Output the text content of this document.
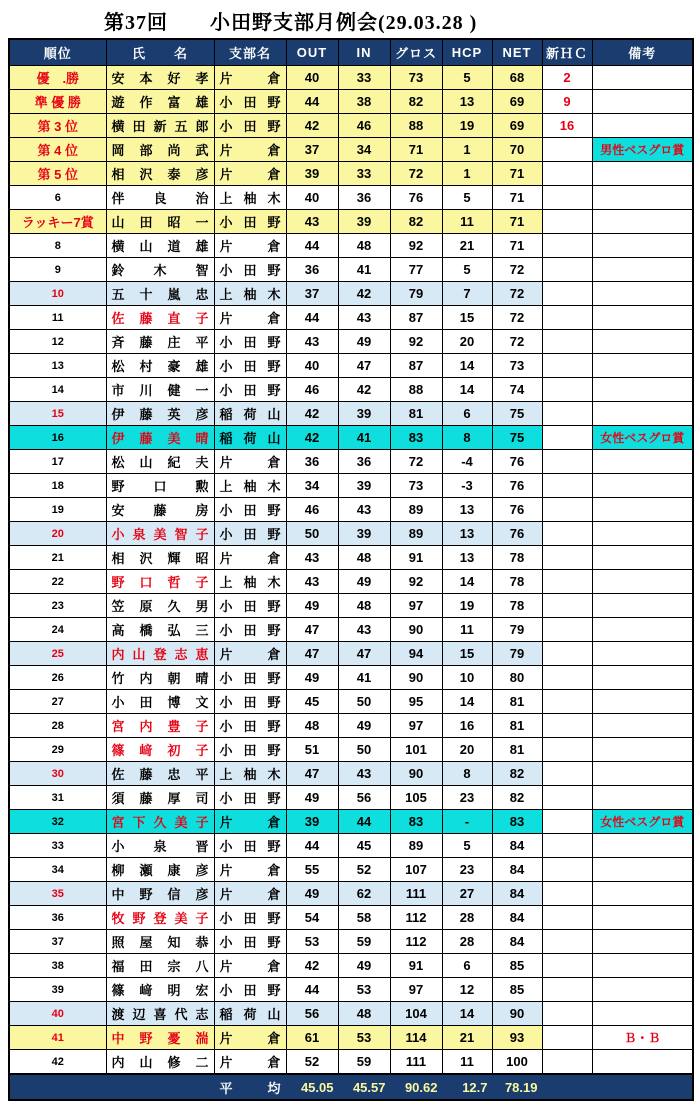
第37回　　小田野支部月例会(29.03.28 )
順位	氏　　名	支部名	OUT	IN	グロス	HCP	NET	新ＨＣ	備考
優　.勝	安 本 好 孝	片 倉	40	33	73	5	68	2	
準 優 勝	遊 作 富 雄	小 田 野	44	38	82	13	69	9	
第 3 位	横 田 新 五 郎	小 田 野	42	46	88	19	69	16	
第 4 位	岡 部 尚 武	片 倉	37	34	71	1	70		男性ベスグロ賞
第 5 位	相 沢 泰 彦	片 倉	39	33	72	1	71		
6	伴 良 治	上 柚 木	40	36	76	5	71		
ラッキー7賞	山 田 昭 一	小 田 野	43	39	82	11	71		
8	横 山 道 雄	片 倉	44	48	92	21	71		
9	鈴 木 智	小 田 野	36	41	77	5	72		
10	五 十 嵐 忠	上 柚 木	37	42	79	7	72		
11	佐 藤 直 子	片 倉	44	43	87	15	72		
12	斉 藤 庄 平	小 田 野	43	49	92	20	72		
13	松 村 豪 雄	小 田 野	40	47	87	14	73		
14	市 川 健 一	小 田 野	46	42	88	14	74		
15	伊 藤 英 彦	稲 荷 山	42	39	81	6	75		
16	伊 藤 美 晴	稲 荷 山	42	41	83	8	75		女性ベスグロ賞
17	松 山 紀 夫	片 倉	36	36	72	-4	76		
18	野 口 勲	上 柚 木	34	39	73	-3	76		
19	安 藤 房	小 田 野	46	43	89	13	76		
20	小 泉 美 智 子	小 田 野	50	39	89	13	76		
21	相 沢 輝 昭	片 倉	43	48	91	13	78		
22	野 口 哲 子	上 柚 木	43	49	92	14	78		
23	笠 原 久 男	小 田 野	49	48	97	19	78		
24	高 橋 弘 三	小 田 野	47	43	90	11	79		
25	内 山 登 志 恵	片 倉	47	47	94	15	79		
26	竹 内 朝 晴	小 田 野	49	41	90	10	80		
27	小 田 博 文	小 田 野	45	50	95	14	81		
28	宮 内 豊 子	小 田 野	48	49	97	16	81		
29	篠 﨑 初 子	小 田 野	51	50	101	20	81		
30	佐 藤 忠 平	上 柚 木	47	43	90	8	82		
31	須 藤 厚 司	小 田 野	49	56	105	23	82		
32	宮 下 久 美 子	片 倉	39	44	83	-	83		女性ベスグロ賞
33	小 泉 晋	小 田 野	44	45	89	5	84		
34	柳 瀬 康 彦	片 倉	55	52	107	23	84		
35	中 野 信 彦	片 倉	49	62	111	27	84		
36	牧 野 登 美 子	小 田 野	54	58	112	28	84		
37	照 屋 知 恭	小 田 野	53	59	112	28	84		
38	福 田 宗 八	片 倉	42	49	91	6	85		
39	篠 﨑 明 宏	小 田 野	44	53	97	12	85		
40	渡 辺 喜 代 志	稲 荷 山	56	48	104	14	90		
41	中 野 憂 湍	片 倉	61	53	114	21	93		Ｂ・Ｂ
42	内 山 修 二	片 倉	52	59	111	11	100		
		平 均	45.05	45.57	90.62	12.7	78.19		
